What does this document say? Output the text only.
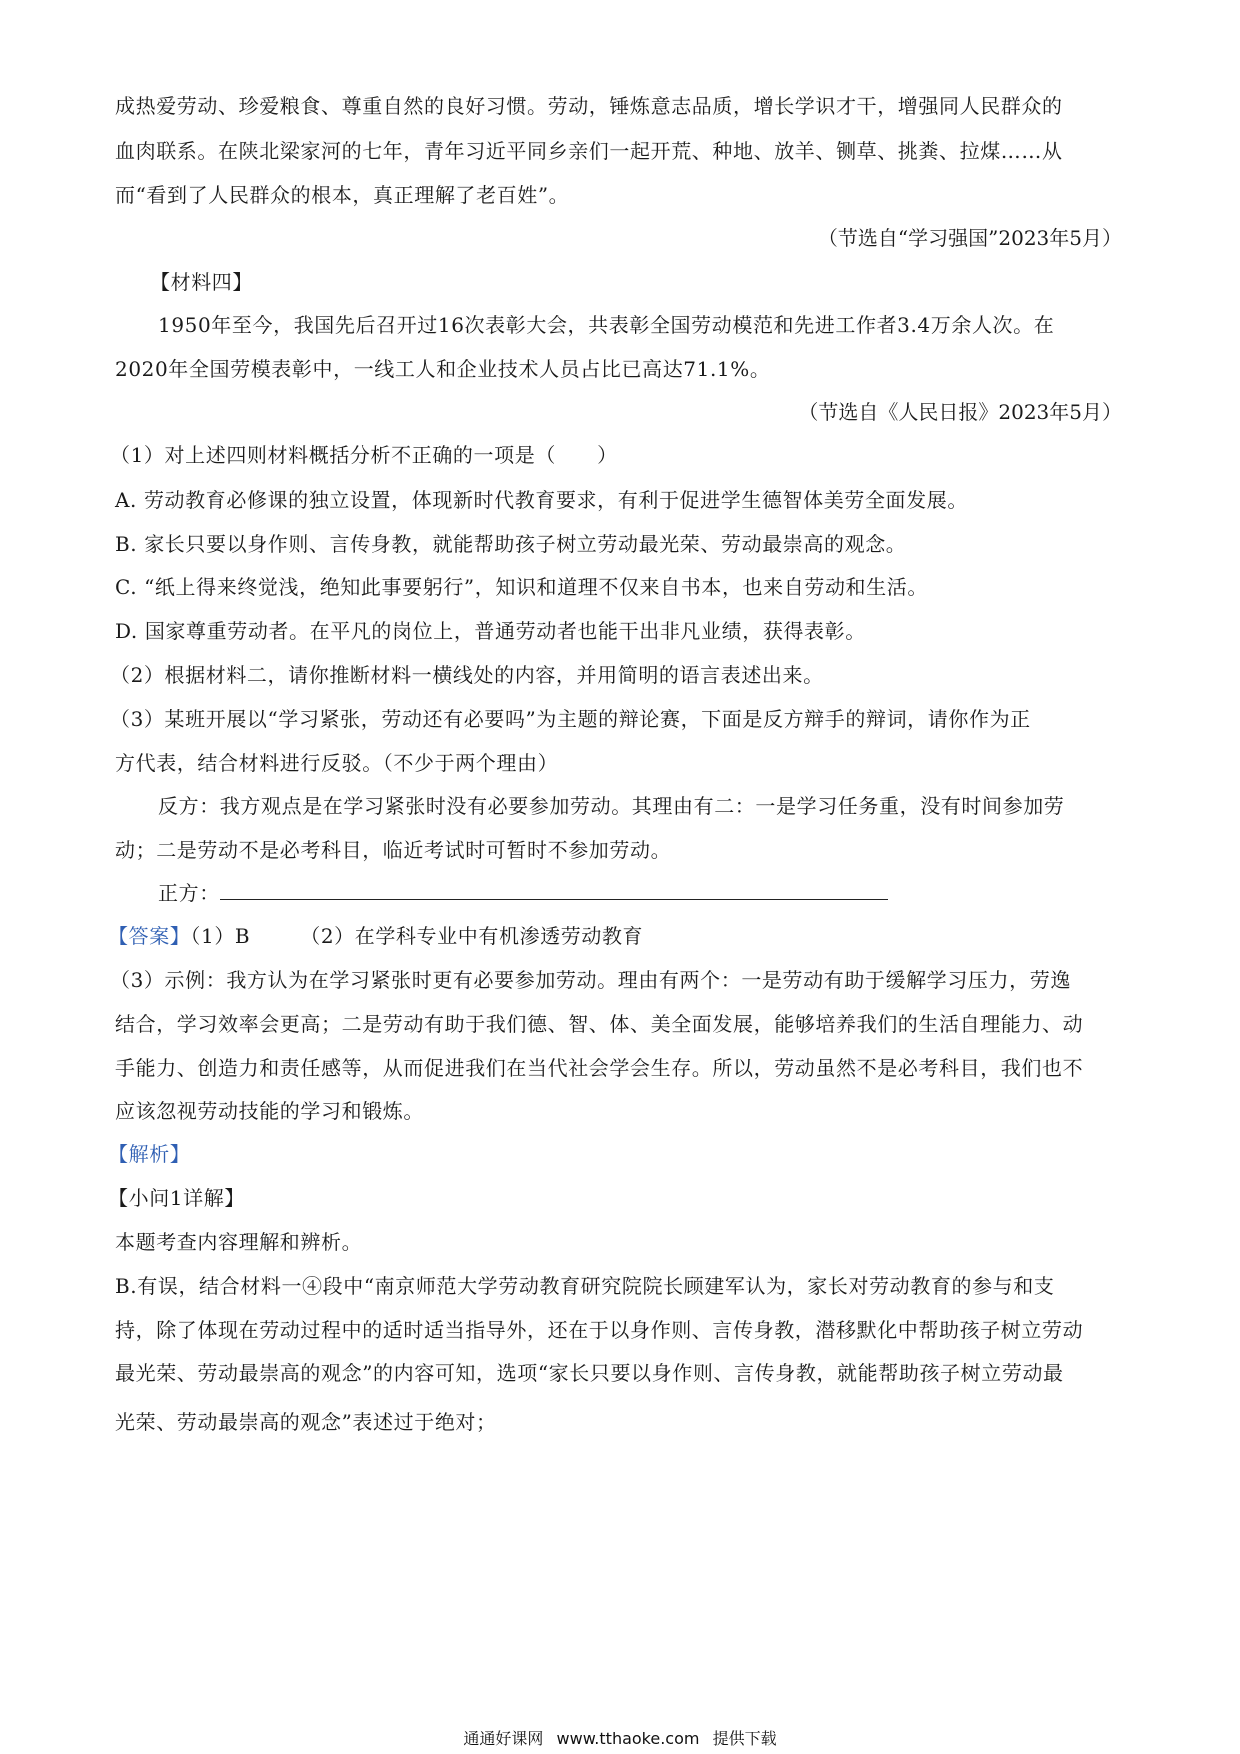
成热爱劳动、珍爱粮食、尊重自然的良好习惯。劳动，锤炼意志品质，增长学识才干，增强同人民群众的
血肉联系。在陕北梁家河的七年，青年习近平同乡亲们一起开荒、种地、放羊、铡草、挑粪、拉煤……从
而“看到了人民群众的根本，真正理解了老百姓”。
（节选自“学习强国”2023年5月）
【材料四】
1950年至今，我国先后召开过16次表彰大会，共表彰全国劳动模范和先进工作者3.4万余人次。在
2020年全国劳模表彰中，一线工人和企业技术人员占比已高达71.1%。
（节选自《人民日报》2023年5月）
（1）对上述四则材料概括分析不正确的一项是（　　）
A. 劳动教育必修课的独立设置，体现新时代教育要求，有利于促进学生德智体美劳全面发展。
B. 家长只要以身作则、言传身教，就能帮助孩子树立劳动最光荣、劳动最崇高的观念。
C. “纸上得来终觉浅，绝知此事要躬行”，知识和道理不仅来自书本，也来自劳动和生活。
D. 国家尊重劳动者。在平凡的岗位上，普通劳动者也能干出非凡业绩，获得表彰。
（2）根据材料二，请你推断材料一横线处的内容，并用简明的语言表述出来。
（3）某班开展以“学习紧张，劳动还有必要吗”为主题的辩论赛，下面是反方辩手的辩词，请你作为正
方代表，结合材料进行反驳。（不少于两个理由）
反方：我方观点是在学习紧张时没有必要参加劳动。其理由有二：一是学习任务重，没有时间参加劳
动；二是劳动不是必考科目，临近考试时可暂时不参加劳动。
正方：
【答案】（1）B	（2）在学科专业中有机渗透劳动教育
（3）示例：我方认为在学习紧张时更有必要参加劳动。理由有两个：一是劳动有助于缓解学习压力，劳逸
结合，学习效率会更高；二是劳动有助于我们德、智、体、美全面发展，能够培养我们的生活自理能力、动
手能力、创造力和责任感等，从而促进我们在当代社会学会生存。所以，劳动虽然不是必考科目，我们也不
应该忽视劳动技能的学习和锻炼。
【解析】
【小问1详解】
本题考查内容理解和辨析。
B.有误，结合材料一④段中“南京师范大学劳动教育研究院院长顾建军认为，家长对劳动教育的参与和支
持，除了体现在劳动过程中的适时适当指导外，还在于以身作则、言传身教，潜移默化中帮助孩子树立劳动
最光荣、劳动最崇高的观念”的内容可知，选项“家长只要以身作则、言传身教，就能帮助孩子树立劳动最
光荣、劳动最崇高的观念”表述过于绝对；
通通好课网 www.tthaoke.com 提供下载
